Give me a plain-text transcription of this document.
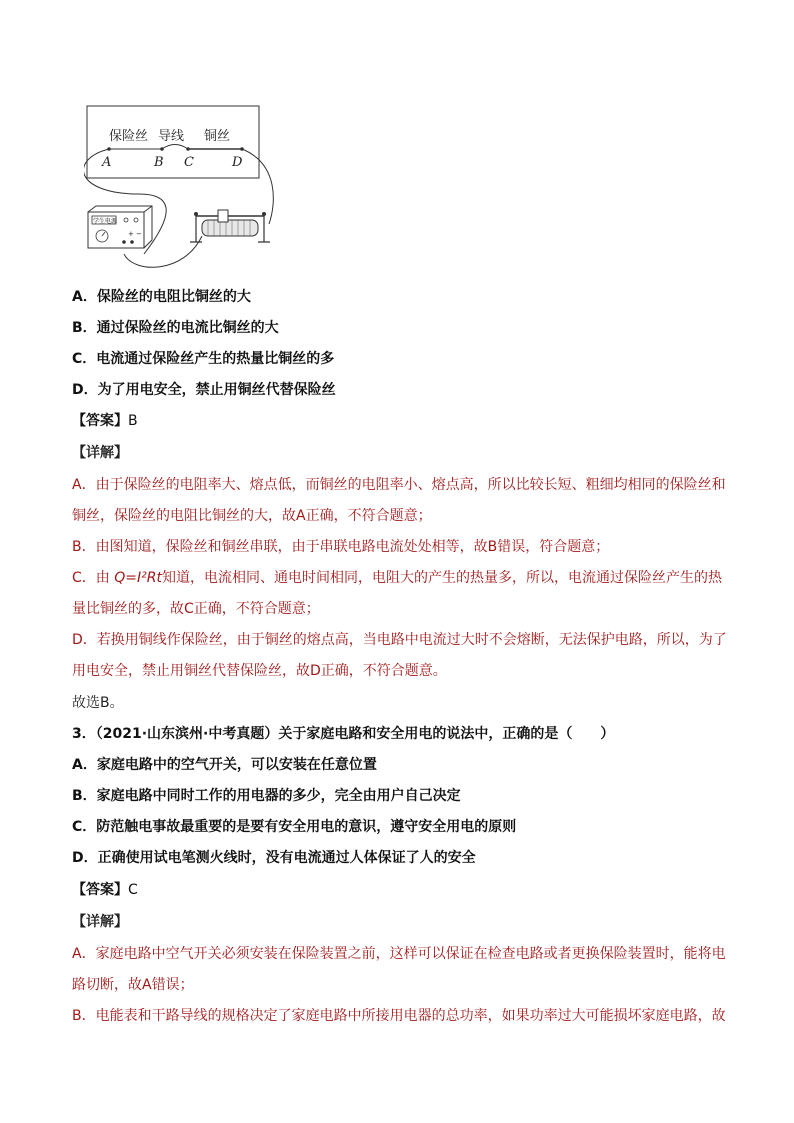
保险丝 导线 铜丝
A	B C	D
学生电源
+ −
A．保险丝的电阻比铜丝的大
B．通过保险丝的电流比铜丝的大
C．电流通过保险丝产生的热量比铜丝的多
D．为了用电安全，禁止用铜丝代替保险丝
【答案】B
【详解】
A．由于保险丝的电阻率大、熔点低，而铜丝的电阻率小、熔点高，所以比较长短、粗细均相同的保险丝和
铜丝，保险丝的电阻比铜丝的大，故A正确，不符合题意；
B．由图知道，保险丝和铜丝串联，由于串联电路电流处处相等，故B错误，符合题意；
C．由 Q=I²Rt知道，电流相同、通电时间相同，电阻大的产生的热量多，所以，电流通过保险丝产生的热
量比铜丝的多，故C正确，不符合题意；
D．若换用铜线作保险丝，由于铜丝的熔点高，当电路中电流过大时不会熔断，无法保护电路，所以，为了
用电安全，禁止用铜丝代替保险丝，故D正确，不符合题意。
故选B。
3．（2021·山东滨州·中考真题）关于家庭电路和安全用电的说法中，正确的是（　　）
A．家庭电路中的空气开关，可以安装在任意位置
B．家庭电路中同时工作的用电器的多少，完全由用户自己决定
C．防范触电事故最重要的是要有安全用电的意识，遵守安全用电的原则
D．正确使用试电笔测火线时，没有电流通过人体保证了人的安全
【答案】C
【详解】
A．家庭电路中空气开关必须安装在保险装置之前，这样可以保证在检查电路或者更换保险装置时，能将电
路切断，故A错误；
B．电能表和干路导线的规格决定了家庭电路中所接用电器的总功率，如果功率过大可能损坏家庭电路，故
